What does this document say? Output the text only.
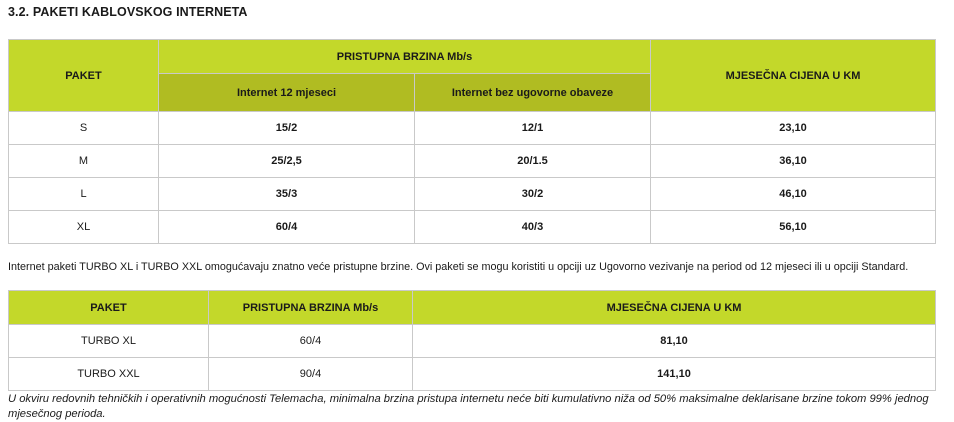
3.2. PAKETI KABLOVSKOG INTERNETA
PAKET	PRISTUPNA BRZINA Mb/s		MJESEČNA CIJENA U KM
	Internet 12 mjeseci	Internet bez ugovorne obaveze	
S	15/2	12/1	23,10
M	25/2,5	20/1.5	36,10
L	35/3	30/2	46,10
XL	60/4	40/3	56,10
Internet paketi TURBO XL i TURBO XXL omogućavaju znatno veće pristupne brzine. Ovi paketi se mogu koristiti u opciji uz Ugovorno vezivanje na period od 12 mjeseci ili u opciji Standard.
PAKET	PRISTUPNA BRZINA Mb/s	MJESEČNA CIJENA U KM
TURBO XL	60/4	81,10
TURBO XXL	90/4	141,10
U okviru redovnih tehničkih i operativnih mogućnosti Telemacha, minimalna brzina pristupa internetu neće biti kumulativno niža od 50% maksimalne deklarisane brzine tokom 99% jednog mjesečnog perioda.
